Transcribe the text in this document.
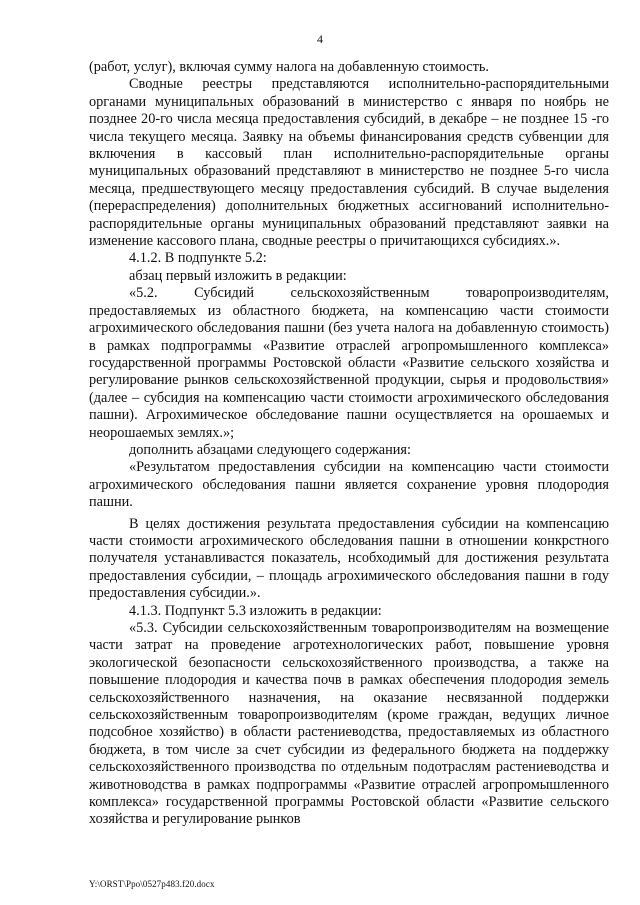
4

(работ, услуг), включая сумму налога на добавленную стоимость.

Сводные реестры представляются исполнительно-распорядительными органами муниципальных образований в министерство с января по ноябрь не позднее 20-го числа месяца предоставления субсидий, в декабре – не позднее 15 -го числа текущего месяца. Заявку на объемы финансирования средств субвенции для включения в кассовый план исполнительно-распорядительные органы муниципальных образований представляют в министерство не позднее 5-го числа месяца, предшествующего месяцу предоставления субсидий. В случае выделения (перераспределения) дополнительных бюджетных ассигнований исполнительно-распорядительные органы муниципальных образований представляют заявки на изменение кассового плана, сводные реестры о причитающихся субсидиях.».

4.1.2. В подпункте 5.2:

абзац первый изложить в редакции:

«5.2. Субсидий сельскохозяйственным товаропроизводителям, предоставляемых из областного бюджета, на компенсацию части стоимости агрохимического обследования пашни (без учета налога на добавленную стоимость) в рамках подпрограммы «Развитие отраслей агропромышленного комплекса» государственной программы Ростовской области «Развитие сельского хозяйства и регулирование рынков сельскохозяйственной продукции, сырья и продовольствия» (далее – субсидия на компенсацию части стоимости агрохимического обследования пашни). Агрохимическое обследование пашни осуществляется на орошаемых и неорошаемых землях.»;

дополнить абзацами следующего содержания:

«Результатом предоставления субсидии на компенсацию части стоимости агрохимического обследования пашни является сохранение уровня плодородия пашни.

В целях достижения результата предоставления субсидии на компенсацию части стоимости агрохимического обследования пашни в отношении конкрстного получателя устанавливастся показатель, нсобходимый для достижения результата предоставления субсидии, – площадь агрохимического обследования пашни в году предоставления субсидии.».

4.1.3. Подпункт 5.3 изложить в редакции:

«5.3. Субсидии сельскохозяйственным товаропроизводителям на возмещение части затрат на проведение агротехнологических работ, повышение уровня экологической безопасности сельскохозяйственного производства, а также на повышение плодородия и качества почв в рамках обеспечения плодородия земель сельскохозяйственного назначения, на оказание несвязанной поддержки сельскохозяйственным товаропроизводителям (кроме граждан, ведущих личное подсобное хозяйство) в области растениеводства, предоставляемых из областного бюджета, в том числе за счет субсидии из федерального бюджета на поддержку сельскохозяйственного производства по отдельным подотраслям растениеводства и животноводства в рамках подпрограммы «Развитие отраслей агропромышленного комплекса» государственной программы Ростовской области «Развитие сельского хозяйства и регулирование рынков

Y:\ORST\Ppo\0527p483.f20.docx
